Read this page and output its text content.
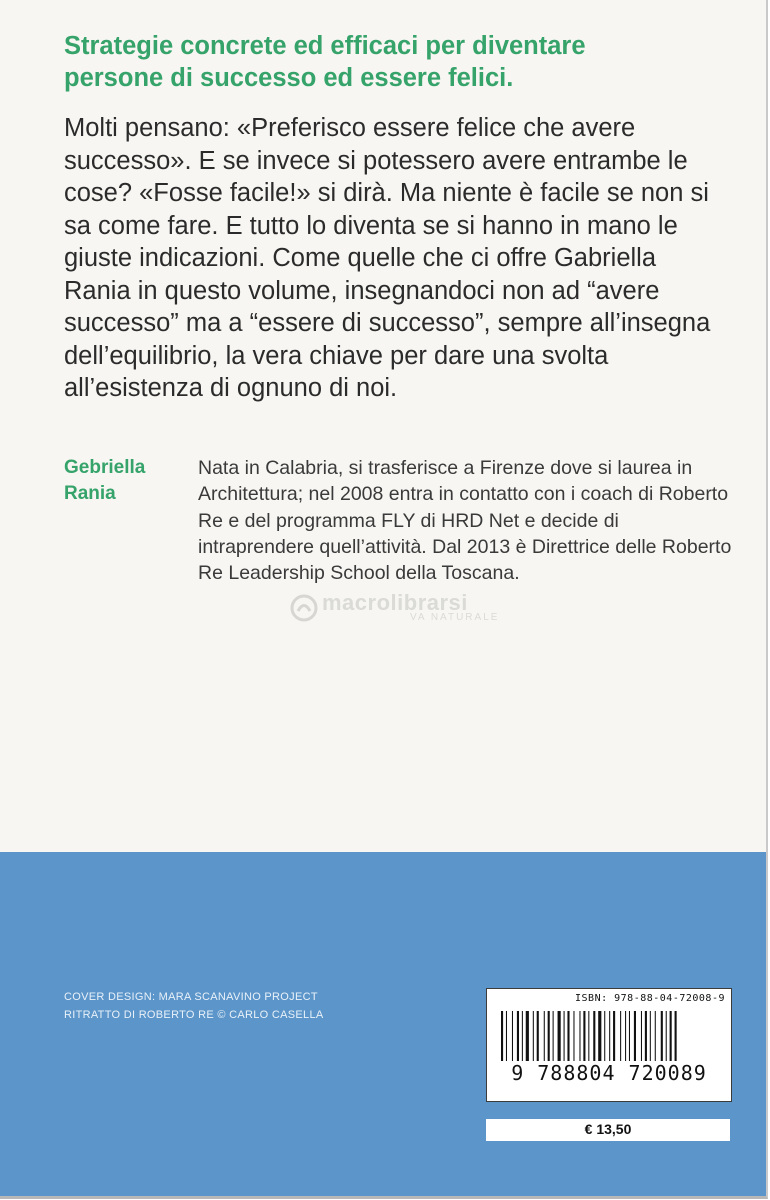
Strategie concrete ed efficaci per diventare persone di successo ed essere felici.

Molti pensano: «Preferisco essere felice che avere successo». E se invece si potessero avere entrambe le cose? «Fosse facile!» si dirà. Ma niente è facile se non si sa come fare. E tutto lo diventa se si hanno in mano le giuste indicazioni. Come quelle che ci offre Gabriella Rania in questo volume, insegnandoci non ad “avere successo” ma a “essere di successo”, sempre all’insegna dell’equilibrio, la vera chiave per dare una svolta all’esistenza di ognuno di noi.

Gebriella
Rania

Nata in Calabria, si trasferisce a Firenze dove si laurea in Architettura; nel 2008 entra in contatto con i coach di Roberto Re e del programma FLY di HRD Net e decide di intraprendere quell’attività. Dal 2013 è Direttrice delle Roberto Re Leadership School della Toscana.

macrolibrarsi
VA NATURALE
COVER DESIGN: MARA SCANAVINO PROJECT
RITRATTO DI ROBERTO RE © CARLO CASELLA
ISBN: 978-88-04-72008-9
9 788804 720089
€ 13,50
